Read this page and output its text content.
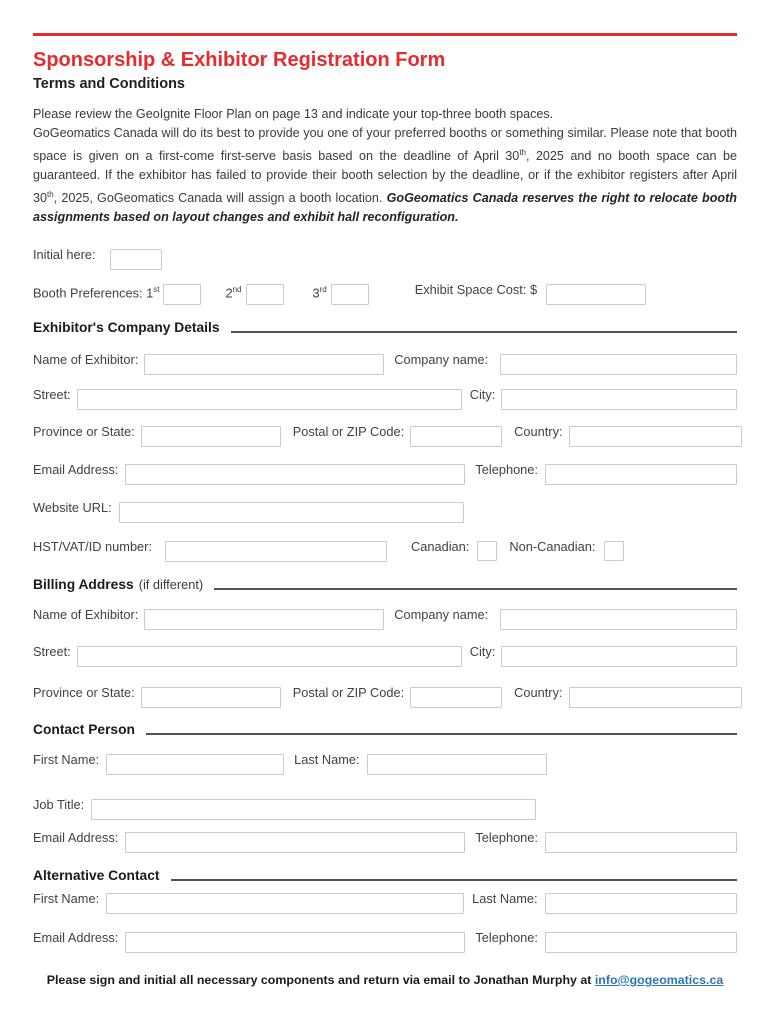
Sponsorship & Exhibitor Registration Form
Terms and Conditions

Please review the GeoIgnite Floor Plan on page 13 and indicate your top-three booth spaces.

GoGeomatics Canada will do its best to provide you one of your preferred booths or something similar. Please note that booth space is given on a first-come first-serve basis based on the deadline of April 30th, 2025 and no booth space can be guaranteed. If the exhibitor has failed to provide their booth selection by the deadline, or if the exhibitor registers after April 30th, 2025, GoGeomatics Canada will assign a booth location. GoGeomatics Canada reserves the right to relocate booth assignments based on layout changes and exhibit hall reconfiguration.

Initial here:
Booth Preferences: 1st	2nd	3rd	Exhibit Space Cost: $
Exhibitor's Company Details
Name of Exhibitor:	Company name:
Street:	City:
Province or State:	Postal or ZIP Code:	Country:
Email Address:	Telephone:
Website URL:
HST/VAT/ID number:	Canadian:	Non-Canadian:
Billing Address (if different)
Name of Exhibitor:	Company name:
Street:	City:
Province or State:	Postal or ZIP Code:	Country:
Contact Person
First Name:	Last Name:
Job Title:
Email Address:	Telephone:
Alternative Contact
First Name:	Last Name:
Email Address:	Telephone:
Please sign and initial all necessary components and return via email to Jonathan Murphy at info@gogeomatics.ca
